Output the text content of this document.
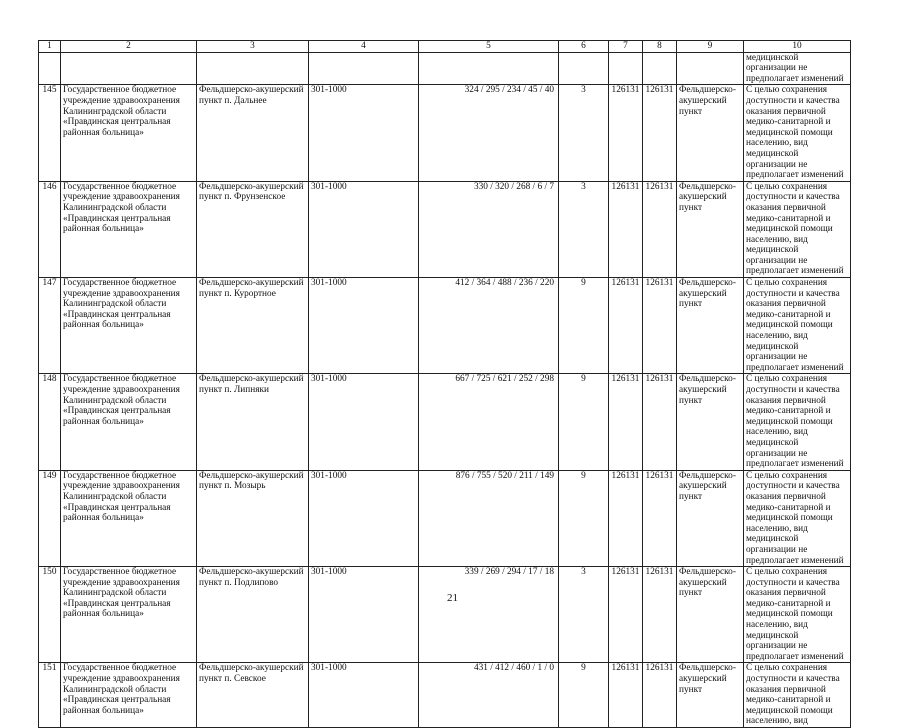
1	2	3	4	5	6	7	8	9	10
									медицинской организации не предполагает изменений
145	Государственное бюджетное учреждение здравоохранения Калининградской области «Правдинская центральная районная больница»	Фельдшерско-акушерский пункт п. Дальнее	301-1000	324 / 295 / 234 / 45 / 40	3	126131	126131	Фельдшерско-акушерский пункт	С целью сохранения доступности и качества оказания первичной медико-санитарной и медицинской помощи населению, вид медицинской организации не предполагает изменений
146	Государственное бюджетное учреждение здравоохранения Калининградской области «Правдинская центральная районная больница»	Фельдшерско-акушерский пункт п. Фрунзенское	301-1000	330 / 320 / 268 / 6 / 7	3	126131	126131	Фельдшерско-акушерский пункт	С целью сохранения доступности и качества оказания первичной медико-санитарной и медицинской помощи населению, вид медицинской организации не предполагает изменений
147	Государственное бюджетное учреждение здравоохранения Калининградской области «Правдинская центральная районная больница»	Фельдшерско-акушерский пункт п. Курортное	301-1000	412 / 364 / 488 / 236 / 220	9	126131	126131	Фельдшерско-акушерский пункт	С целью сохранения доступности и качества оказания первичной медико-санитарной и медицинской помощи населению, вид медицинской организации не предполагает изменений
148	Государственное бюджетное учреждение здравоохранения Калининградской области «Правдинская центральная районная больница»	Фельдшерско-акушерский пункт п. Липняки	301-1000	667 / 725 / 621 / 252 / 298	9	126131	126131	Фельдшерско-акушерский пункт	С целью сохранения доступности и качества оказания первичной медико-санитарной и медицинской помощи населению, вид медицинской организации не предполагает изменений
149	Государственное бюджетное учреждение здравоохранения Калининградской области «Правдинская центральная районная больница»	Фельдшерско-акушерский пункт п. Мозырь	301-1000	876 / 755 / 520 / 211 / 149	9	126131	126131	Фельдшерско-акушерский пункт	С целью сохранения доступности и качества оказания первичной медико-санитарной и медицинской помощи населению, вид медицинской организации не предполагает изменений
150	Государственное бюджетное учреждение здравоохранения Калининградской области «Правдинская центральная районная больница»	Фельдшерско-акушерский пункт п. Подлипово	301-1000	339 / 269 / 294 / 17 / 18	3	126131	126131	Фельдшерско-акушерский пункт	С целью сохранения доступности и качества оказания первичной медико-санитарной и медицинской помощи населению, вид медицинской организации не предполагает изменений
151	Государственное бюджетное учреждение здравоохранения Калининградской области «Правдинская центральная районная больница»	Фельдшерско-акушерский пункт п. Севское	301-1000	431 / 412 / 460 / 1 / 0	9	126131	126131	Фельдшерско-акушерский пункт	С целью сохранения доступности и качества оказания первичной медико-санитарной и медицинской помощи населению, вид
21
